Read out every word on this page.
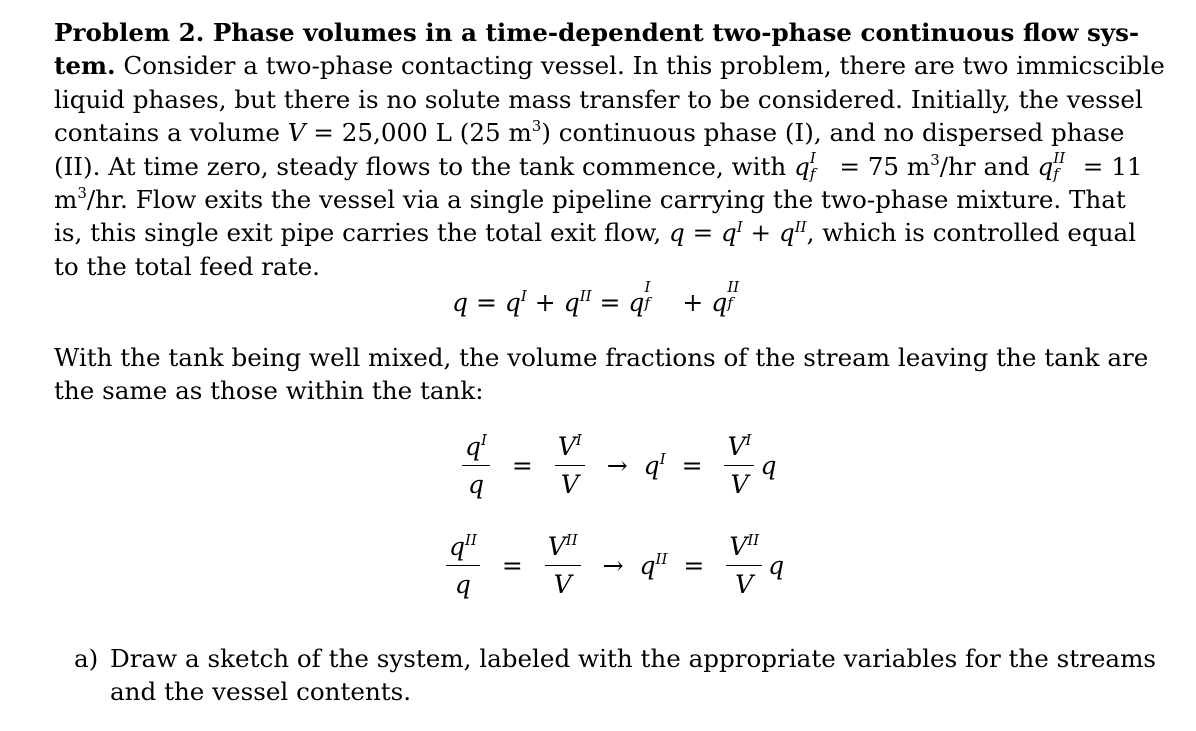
Problem 2. Phase volumes in a time-dependent two-phase continuous flow sys-
tem. Consider a two-phase contacting vessel. In this problem, there are two immicscible
liquid phases, but there is no solute mass transfer to be considered. Initially, the vessel
contains a volume V = 25,000 L (25 $m^3$) continuous phase (I), and no dispersed phase
(II). At time zero, steady flows to the tank commence, with q I
f = 75 $m^3/hr$ and q II
f = 11
$m^3/hr$. Flow exits the vessel via a single pipeline carrying the two-phase mixture. That
is, this single exit pipe carries the total exit flow, $q = q^I + q^{II}$, which is controlled equal
to the total feed rate.
$q = q^I + q^{II} = q$
I
f + q
II
f
With the tank being well mixed, the volume fractions of the stream leaving the tank are
the same as those within the tank:
$\frac{q^I}{q} = \frac{V^I}{V} \to q^I = \frac{V^I}{V}$ q
$\frac{q^{II}}{q} = \frac{V^{II}}{V} \to q^{II} = \frac{V^{II}}{V}$ q
a) Draw a sketch of the system, labeled with the appropriate variables for the streams
and the vessel contents.
